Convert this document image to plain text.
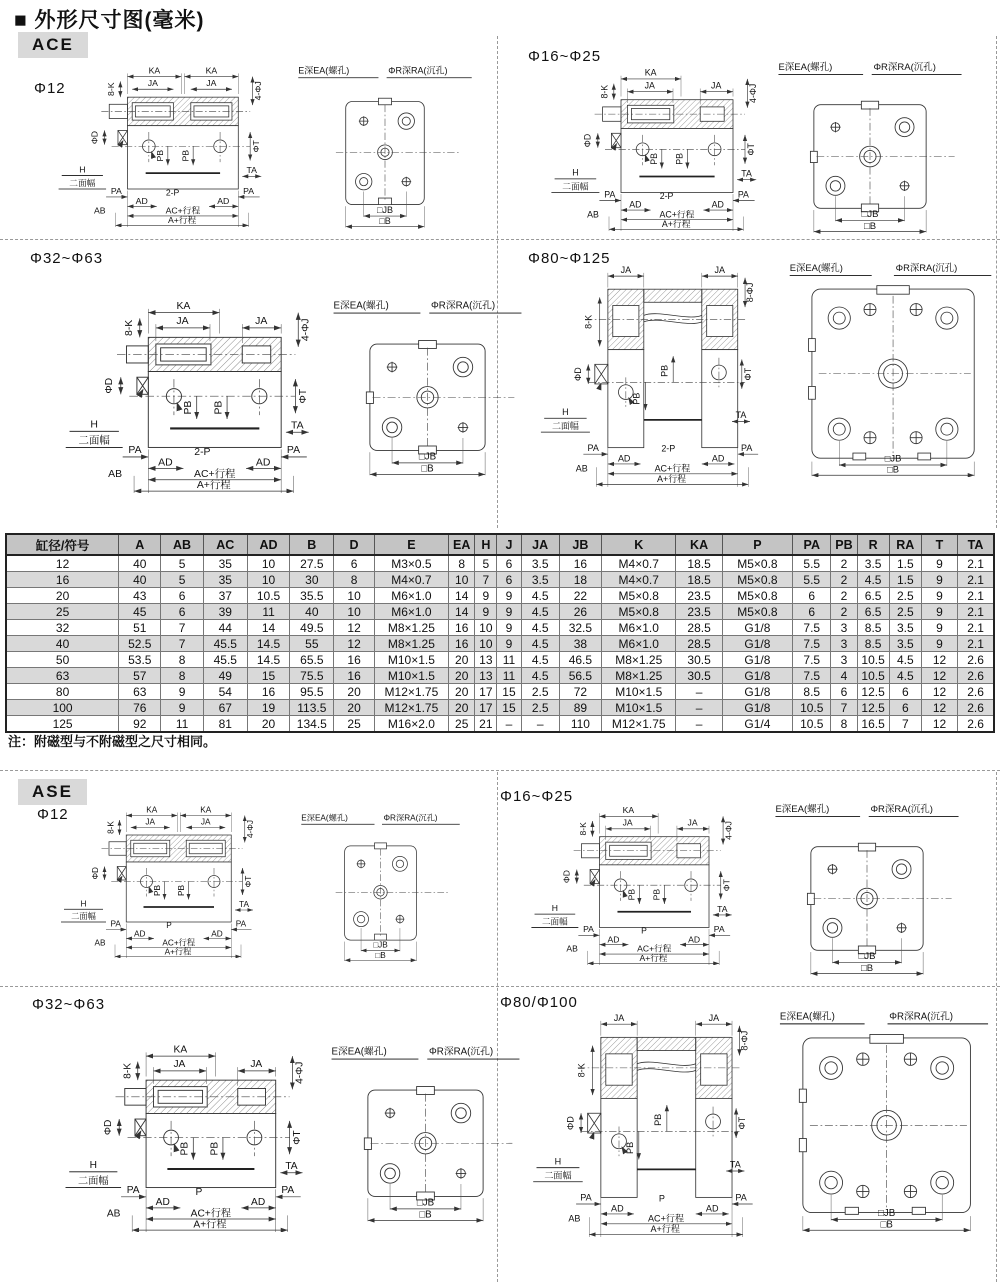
■ 外形尺寸图(毫米)
ACE
ASE
Φ12
KA	KA
JA	JA
8-K	4-ΦJ
ΦD
ΦT
PB PB
TA
H
二面幅
PA	PA
2-P
AD	AD
AB	AC+行程
A+行程
E深EA(螺孔)	ΦR深RA(沉孔)
□JB
□B
Φ16~Φ25
KA
JA	JA
8-K	4-ΦJ
ΦD
ΦT
PB PB
TA
H
二面幅
PA	PA
2-P
AD	AD
AB	AC+行程
A+行程
E深EA(螺孔)	ΦR深RA(沉孔)
□JB
□B
Φ32~Φ63
KA
JA	JA
8-K	4-ΦJ
ΦD
ΦT
PB PB
TA
H
二面幅
PA	PA
2-P
AD	AD
AB	AC+行程
A+行程
E深EA(螺孔)	ΦR深RA(沉孔)
□JB
□B
Φ80~Φ125
JA	JA
8-ΦJ
8-K
ΦD	ΦT
PB
PB
TA
H
二面幅
PA	PA
2-P
AD	AD
AB	AC+行程
A+行程
E深EA(螺孔)	ΦR深RA(沉孔)
□JB
□B
缸径/符号	A	AB	AC	AD	B	D	E	EA	H	J	JA	JB	K	KA	P	PA	PB	R	RA	T	TA
12	40	5	35	10	27.5	6	M3×0.5	8	5	6	3.5	16	M4×0.7	18.5	M5×0.8	5.5	2	3.5	1.5	9	2.1
16	40	5	35	10	30	8	M4×0.7	10	7	6	3.5	18	M4×0.7	18.5	M5×0.8	5.5	2	4.5	1.5	9	2.1
20	43	6	37	10.5	35.5	10	M6×1.0	14	9	9	4.5	22	M5×0.8	23.5	M5×0.8	6	2	6.5	2.5	9	2.1
25	45	6	39	11	40	10	M6×1.0	14	9	9	4.5	26	M5×0.8	23.5	M5×0.8	6	2	6.5	2.5	9	2.1
32	51	7	44	14	49.5	12	M8×1.25	16	10	9	4.5	32.5	M6×1.0	28.5	G1/8	7.5	3	8.5	3.5	9	2.1
40	52.5	7	45.5	14.5	55	12	M8×1.25	16	10	9	4.5	38	M6×1.0	28.5	G1/8	7.5	3	8.5	3.5	9	2.1
50	53.5	8	45.5	14.5	65.5	16	M10×1.5	20	13	11	4.5	46.5	M8×1.25	30.5	G1/8	7.5	3	10.5	4.5	12	2.6
63	57	8	49	15	75.5	16	M10×1.5	20	13	11	4.5	56.5	M8×1.25	30.5	G1/8	7.5	4	10.5	4.5	12	2.6
80	63	9	54	16	95.5	20	M12×1.75	20	17	15	2.5	72	M10×1.5	–	G1/8	8.5	6	12.5	6	12	2.6
100	76	9	67	19	113.5	20	M12×1.75	20	17	15	2.5	89	M10×1.5	–	G1/8	10.5	7	12.5	6	12	2.6
125	92	11	81	20	134.5	25	M16×2.0	25	21	–	–	110	M12×1.75	–	G1/4	10.5	8	16.5	7	12	2.6
注：附磁型与不附磁型之尺寸相同。
Φ12	KA	KA
JA	JA
8-K	4-ΦJ
ΦD
ΦT
PB PB
TA
H
二面幅
PA	PA
P
AD	AD
AB	AC+行程
A+行程
E深EA(螺孔)	ΦR深RA(沉孔)
□JB
□B
Φ16~Φ25
KA
JA	JA
8-K	4-ΦJ
ΦD
ΦT
PB PB
TA
H
二面幅
PA	PA
P
AD	AD
AB	AC+行程
A+行程
E深EA(螺孔)	ΦR深RA(沉孔)
□JB
□B
Φ32~Φ63
KA
JA	JA
8-K	4-ΦJ
ΦD
ΦT
PB PB
TA
H
二面幅
PA	PA
P
AD	AD
AB	AC+行程
A+行程
E深EA(螺孔)	ΦR深RA(沉孔)
□JB
□B
Φ80/Φ100
JA	JA
8-ΦJ
8-K
ΦD	ΦT
PB
PB
TA
H
二面幅
PA	PA
P
AD	AD
AB	AC+行程
A+行程
E深EA(螺孔)	ΦR深RA(沉孔)
□JB
□B
